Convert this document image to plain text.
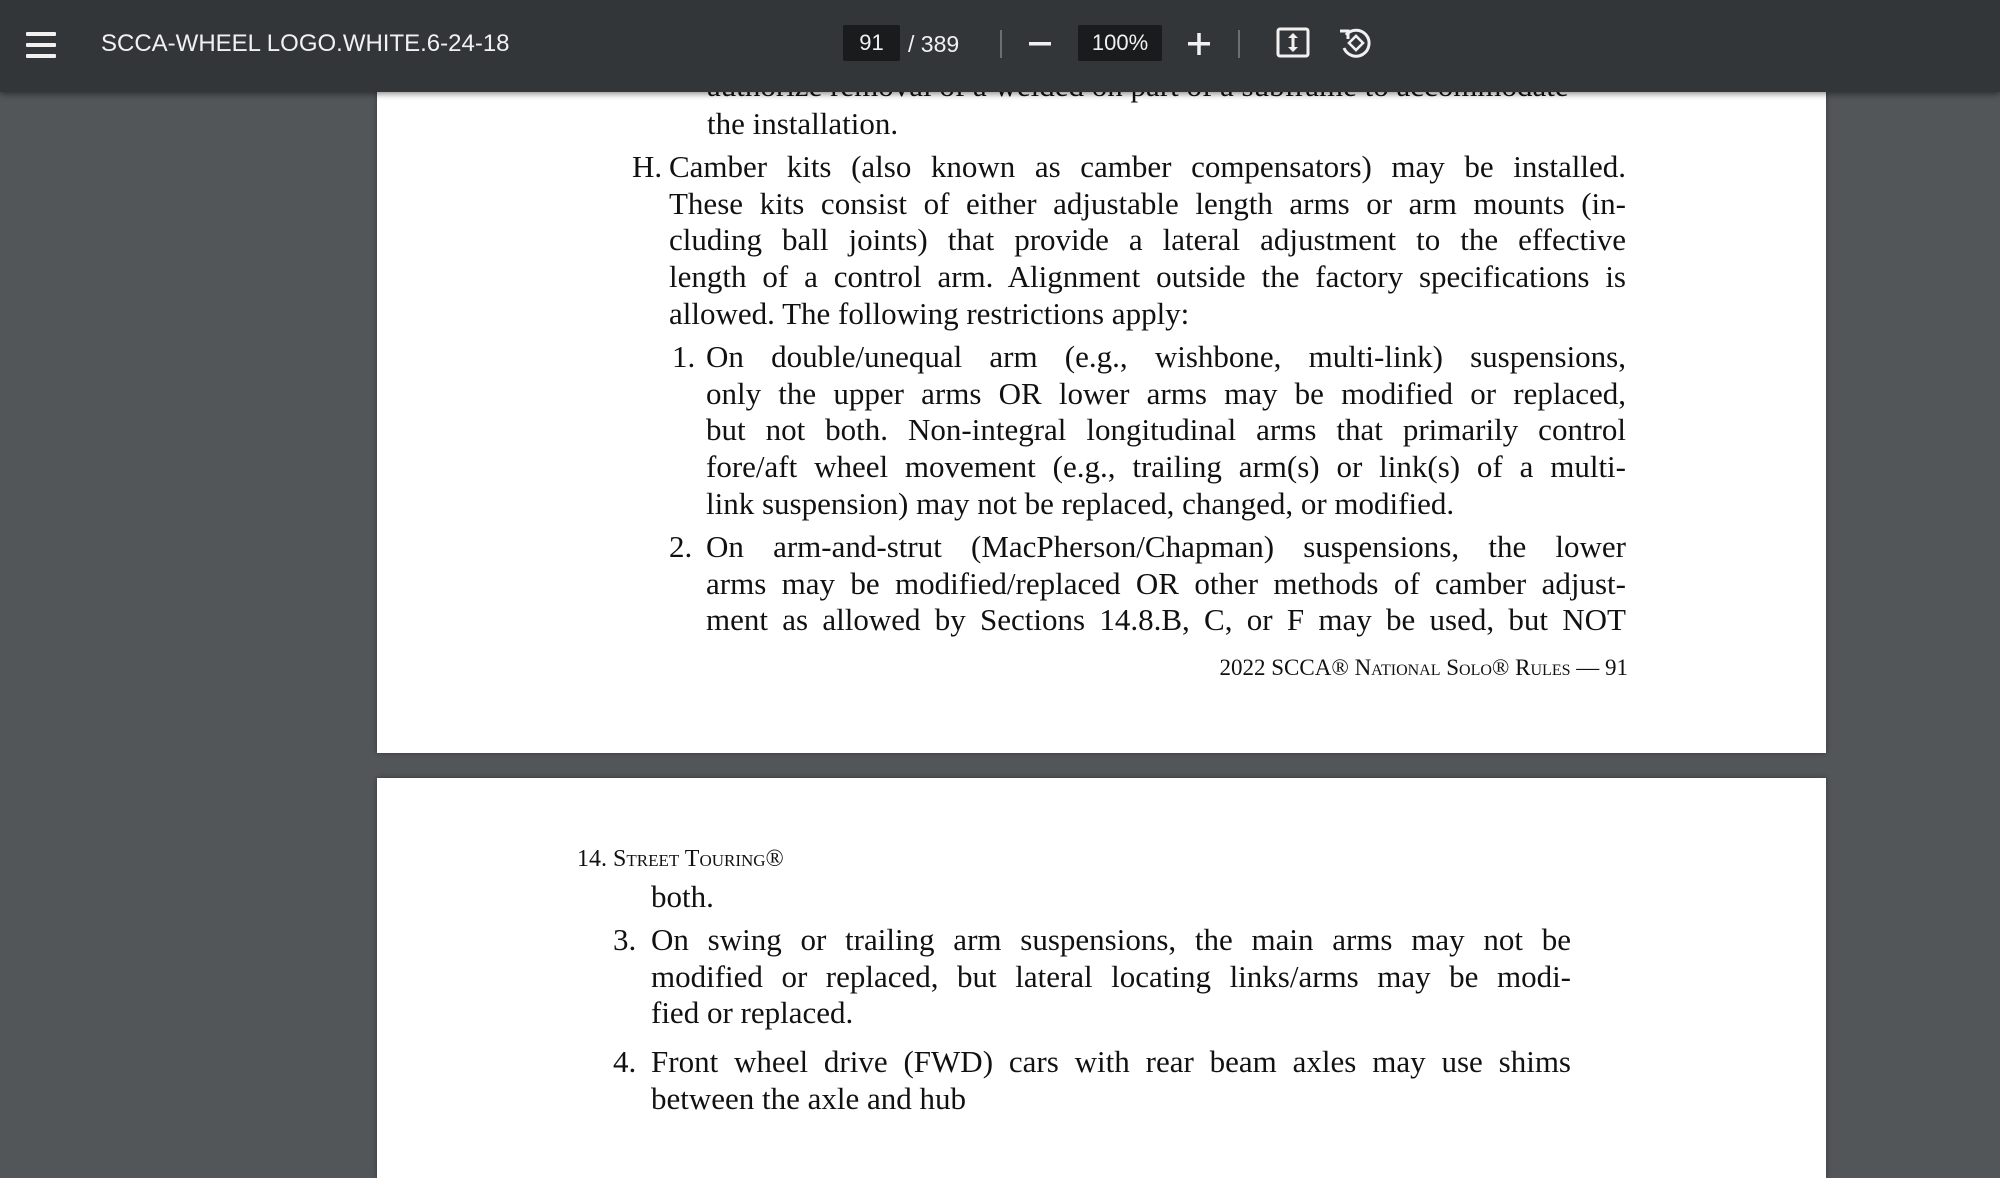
the installation.
H. Camber kits (also known as camber compensators) may be installed.
These kits consist of either adjustable length arms or arm mounts (in-
cluding ball joints) that provide a lateral adjustment to the effective
length of a control arm. Alignment outside the factory specifications is
allowed. The following restrictions apply:
1. On double/unequal arm (e.g., wishbone, multi-link) suspensions,
only the upper arms OR lower arms may be modified or replaced,
but not both. Non-integral longitudinal arms that primarily control
fore/aft wheel movement (e.g., trailing arm(s) or link(s) of a multi-
link suspension) may not be replaced, changed, or modified.
2. On arm-and-strut (MacPherson/Chapman) suspensions, the lower
arms may be modified/replaced OR other methods of camber adjust-
ment as allowed by Sections 14.8.B, C, or F may be used, but NOT
2022 SCCA® National Solo® Rules — 91
14. Street Touring®
both.
3. On swing or trailing arm suspensions, the main arms may not be
modified or replaced, but lateral locating links/arms may be modi-
fied or replaced.
4. Front wheel drive (FWD) cars with rear beam axles may use shims
between the axle and hub
SCCA-WHEEL LOGO.WHITE.6-24-18
91	/ 389
100%
